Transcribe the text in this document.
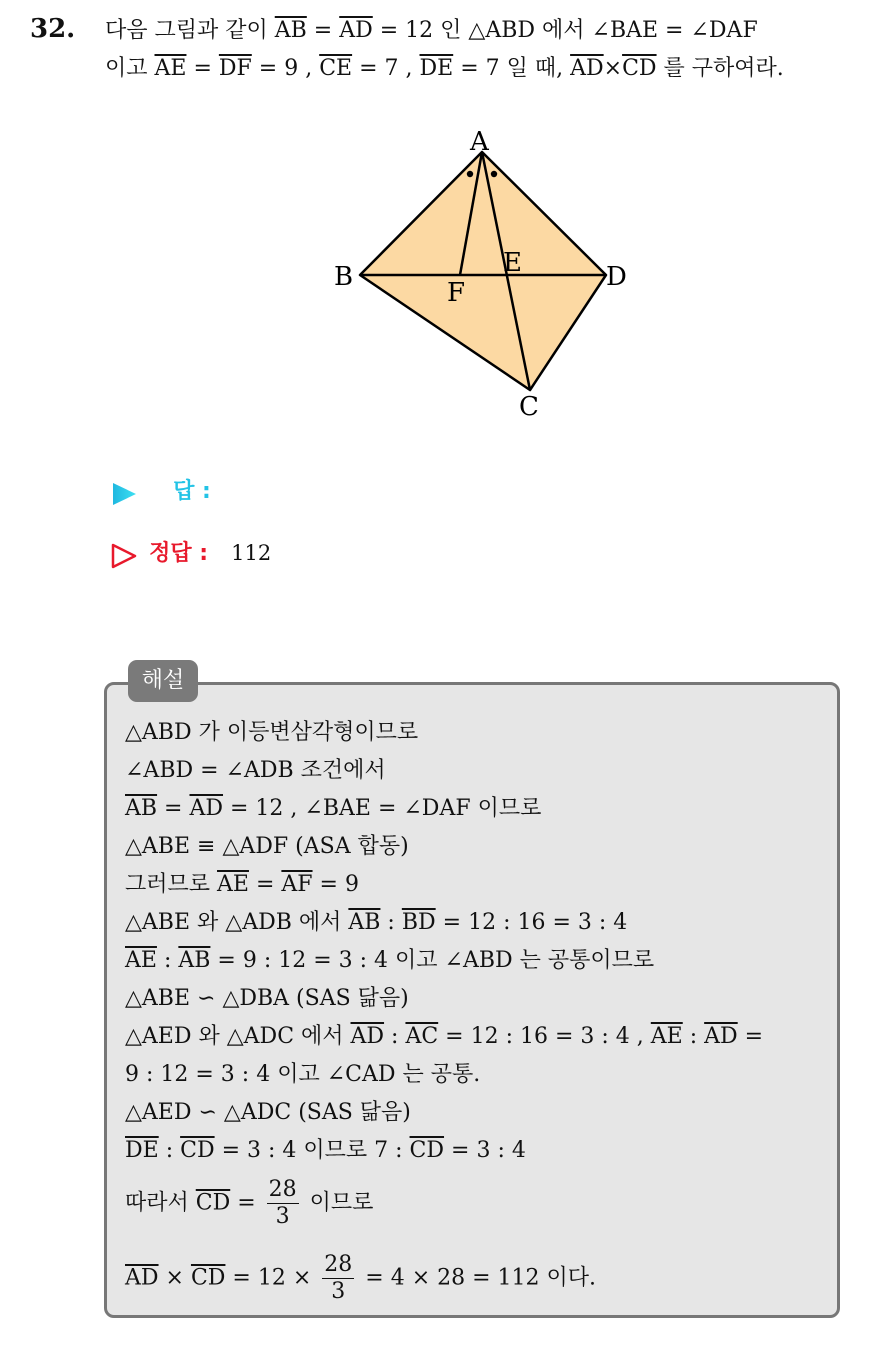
32. 다음 그림과 같이 $\overline{AB} = \overline{AD} = 12$ 인 △ABD 에서 ∠BAE = ∠DAF
이고 $\overline{AE} = \overline{DF} = 9$ , $\overline{CE} = 7$ , $\overline{DE} = 7$ 일 때, $\overline{AD}\times\overline{CD}$ 를 구하여라.
A
B	D
E
F
C
답 :
정답 : 112
해설
△ABD 가 이등변삼각형이므로
∠ABD = ∠ADB 조건에서
$\overline{AB} = \overline{AD} = 12$ , ∠BAE = ∠DAF 이므로
△ABE ≡ △ADF (ASA 합동)
그러므로 $\overline{AE} = \overline{AF} = 9$
△ABE 와 △ADB 에서 $\overline{AB}$ : $\overline{BD} = 12$ : 16 = 3 : 4
$\overline{AE}$ : $\overline{AB} = 9$ : 12 = 3 : 4 이고 ∠ABD 는 공통이므로
△ABE ∽ △DBA (SAS 닮음)
△AED 와 △ADC 에서 $\overline{AD}$ : $\overline{AC} = 12$ : 16 = 3 : 4 , $\overline{AE}$ : $\overline{AD}$ =
9 : 12 = 3 : 4 이고 ∠CAD 는 공통.
△AED ∽ △ADC (SAS 닮음)
$\overline{DE}$ : $\overline{CD} = 3$ : 4 이므로 7 : $\overline{CD} = 3$ : 4
따라서 $\overline{CD} = \frac{28}{3}$ 이므로
$\overline{AD} \times \overline{CD} = 12 \times \frac{28}{3} = 4 \times 28 = 112$ 이다.
